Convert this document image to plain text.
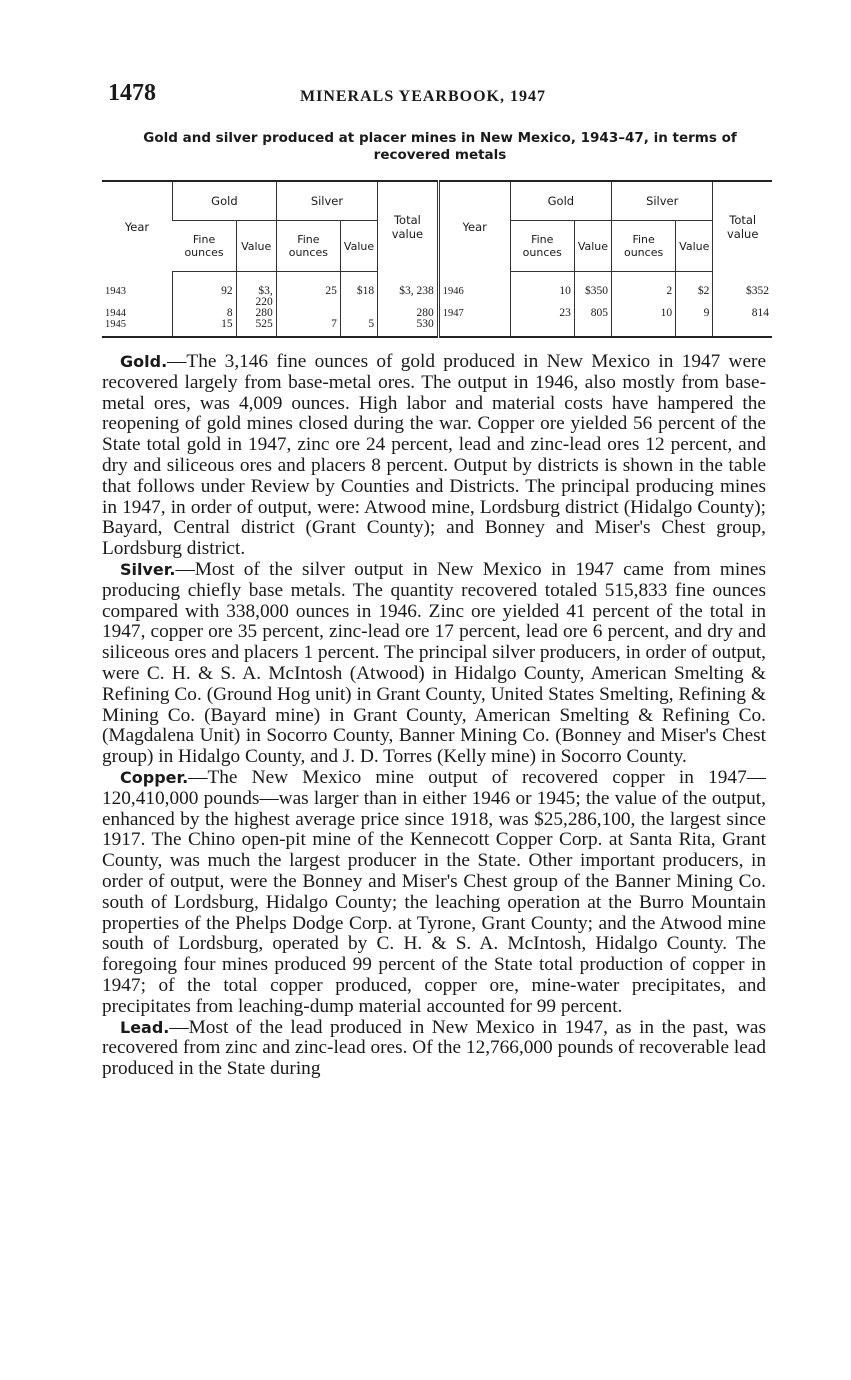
1478	MINERALS YEARBOOK, 1947
Gold and silver produced at placer mines in New Mexico, 1943–47, in terms of
recovered metals
Year	Gold		Silver		Total value	Year	Gold		Silver		Total value
	Fine ounces	Value	Fine ounces	Value			Fine ounces	Value	Fine ounces	Value	
1943	92	$3, 220	25	$18	$3, 238	1946	10	$350	2	$2	$352
1944	8	280			280	1947	23	805	10	9	814
1945	15	525	7	5	530						

Gold.—The 3,146 fine ounces of gold produced in New Mexico in 1947 were recovered largely from base-metal ores. The output in 1946, also mostly from base-metal ores, was 4,009 ounces. High labor and material costs have hampered the reopening of gold mines closed during the war. Copper ore yielded 56 percent of the State total gold in 1947, zinc ore 24 percent, lead and zinc-lead ores 12 percent, and dry and siliceous ores and placers 8 percent. Output by districts is shown in the table that follows under Review by Counties and Districts. The principal producing mines in 1947, in order of output, were: Atwood mine, Lordsburg district (Hidalgo County); Bayard, Central district (Grant County); and Bonney and Miser's Chest group, Lordsburg district.

Silver.—Most of the silver output in New Mexico in 1947 came from mines producing chiefly base metals. The quantity recovered totaled 515,833 fine ounces compared with 338,000 ounces in 1946. Zinc ore yielded 41 percent of the total in 1947, copper ore 35 percent, zinc-lead ore 17 percent, lead ore 6 percent, and dry and siliceous ores and placers 1 percent. The principal silver producers, in order of output, were C. H. & S. A. McIntosh (Atwood) in Hidalgo County, American Smelting & Refining Co. (Ground Hog unit) in Grant County, United States Smelting, Refining & Mining Co. (Bayard mine) in Grant County, American Smelting & Refining Co. (Magdalena Unit) in Socorro County, Banner Mining Co. (Bonney and Miser's Chest group) in Hidalgo County, and J. D. Torres (Kelly mine) in Socorro County.

Copper.—The New Mexico mine output of recovered copper in 1947—120,410,000 pounds—was larger than in either 1946 or 1945; the value of the output, enhanced by the highest average price since 1918, was $25,286,100, the largest since 1917. The Chino open-pit mine of the Kennecott Copper Corp. at Santa Rita, Grant County, was much the largest producer in the State. Other important producers, in order of output, were the Bonney and Miser's Chest group of the Banner Mining Co. south of Lordsburg, Hidalgo County; the leaching operation at the Burro Mountain properties of the Phelps Dodge Corp. at Tyrone, Grant County; and the Atwood mine south of Lordsburg, operated by C. H. & S. A. McIntosh, Hidalgo County. The foregoing four mines produced 99 percent of the State total production of copper in 1947; of the total copper produced, copper ore, mine-water precipitates, and precipitates from leaching-dump material accounted for 99 percent.

Lead.—Most of the lead produced in New Mexico in 1947, as in the past, was recovered from zinc and zinc-lead ores. Of the 12,766,000 pounds of recoverable lead produced in the State during
